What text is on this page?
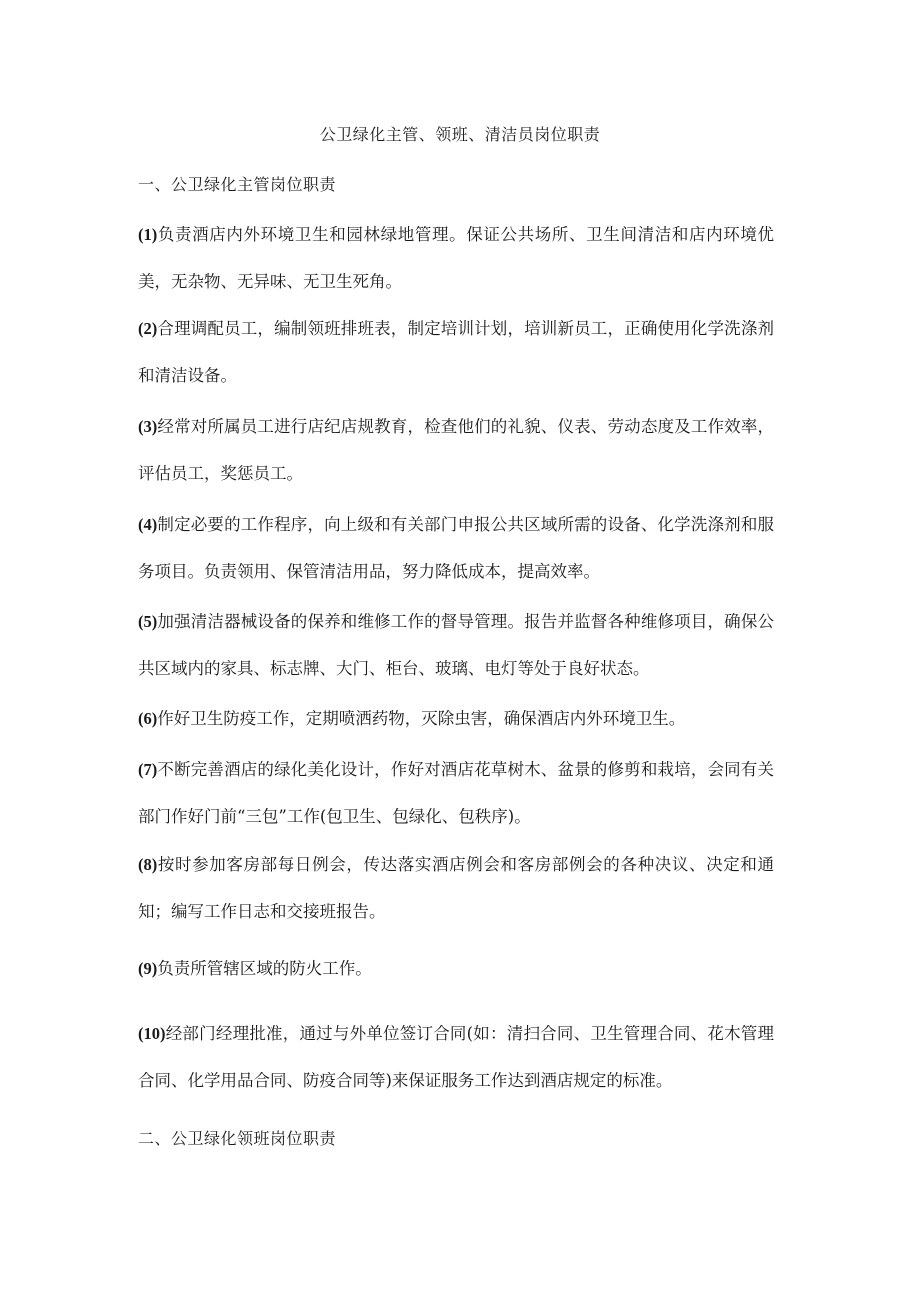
公卫绿化主管、领班、清洁员岗位职责
一、公卫绿化主管岗位职责

(1)负责酒店内外环境卫生和园林绿地管理。保证公共场所、卫生间清洁和店内环境优美，无杂物、无异味、无卫生死角。

(2)合理调配员工，编制领班排班表，制定培训计划，培训新员工，正确使用化学洗涤剂和清洁设备。

(3)经常对所属员工进行店纪店规教育，检查他们的礼貌、仪表、劳动态度及工作效率，评估员工，奖惩员工。

(4)制定必要的工作程序，向上级和有关部门申报公共区域所需的设备、化学洗涤剂和服务项目。负责领用、保管清洁用品，努力降低成本，提高效率。

(5)加强清洁器械设备的保养和维修工作的督导管理。报告并监督各种维修项目，确保公共区域内的家具、标志牌、大门、柜台、玻璃、电灯等处于良好状态。

(6)作好卫生防疫工作，定期喷洒药物，灭除虫害，确保酒店内外环境卫生。

(7)不断完善酒店的绿化美化设计，作好对酒店花草树木、盆景的修剪和栽培，会同有关部门作好门前“三包”工作(包卫生、包绿化、包秩序)。

(8)按时参加客房部每日例会，传达落实酒店例会和客房部例会的各种决议、决定和通知；编写工作日志和交接班报告。

(9)负责所管辖区域的防火工作。

(10)经部门经理批准，通过与外单位签订合同(如：清扫合同、卫生管理合同、花木管理合同、化学用品合同、防疫合同等)来保证服务工作达到酒店规定的标准。

二、公卫绿化领班岗位职责
